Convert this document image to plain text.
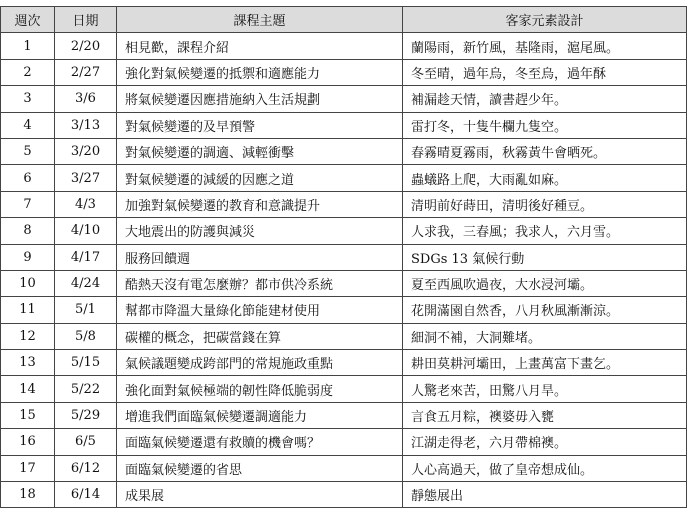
週次	日期	課程主題	客家元素設計
1	2/20	相見歡，課程介紹	蘭陽雨，新竹風，基隆雨，滬尾風。
2	2/27	強化對氣候變遷的抵禦和適應能力	冬至晴，過年烏，冬至烏，過年酥
3	3/6	將氣候變遷因應措施納入生活規劃	補漏趁天情，讀書趕少年。
4	3/13	對氣候變遷的及早預警	雷打冬，十隻牛欄九隻空。
5	3/20	對氣候變遷的調適、減輕衝擊	春霧晴夏霧雨，秋霧黃牛會晒死。
6	3/27	對氣候變遷的減緩的因應之道	蟲蟻路上爬，大雨亂如麻。
7	4/3	加強對氣候變遷的教育和意識提升	清明前好蒔田，清明後好種豆。
8	4/10	大地震出的防護與減災	人求我，三春風；我求人，六月雪。
9	4/17	服務回饋週	SDGs 13 氣候行動
10	4/24	酷熱天沒有電怎麼辦？都市供冷系統	夏至西風吹過夜，大水浸河壩。
11	5/1	幫都市降溫大量綠化節能建材使用	花開滿園自然香，八月秋風漸漸涼。
12	5/8	碳權的概念，把碳當錢在算	細洞不補，大洞難堵。
13	5/15	氣候議題變成跨部門的常規施政重點	耕田莫耕河壩田，上畫萬富下畫乞。
14	5/22	強化面對氣候極端的韌性降低脆弱度	人驚老來苦，田驚八月旱。
15	5/29	增進我們面臨氣候變遷調適能力	言食五月粽，襖婆毋入甕
16	6/5	面臨氣候變遷還有救贖的機會嗎？	江湖走得老，六月帶棉襖。
17	6/12	面臨氣候變遷的省思	人心高過天，做了皇帝想成仙。
18	6/14	成果展	靜態展出
